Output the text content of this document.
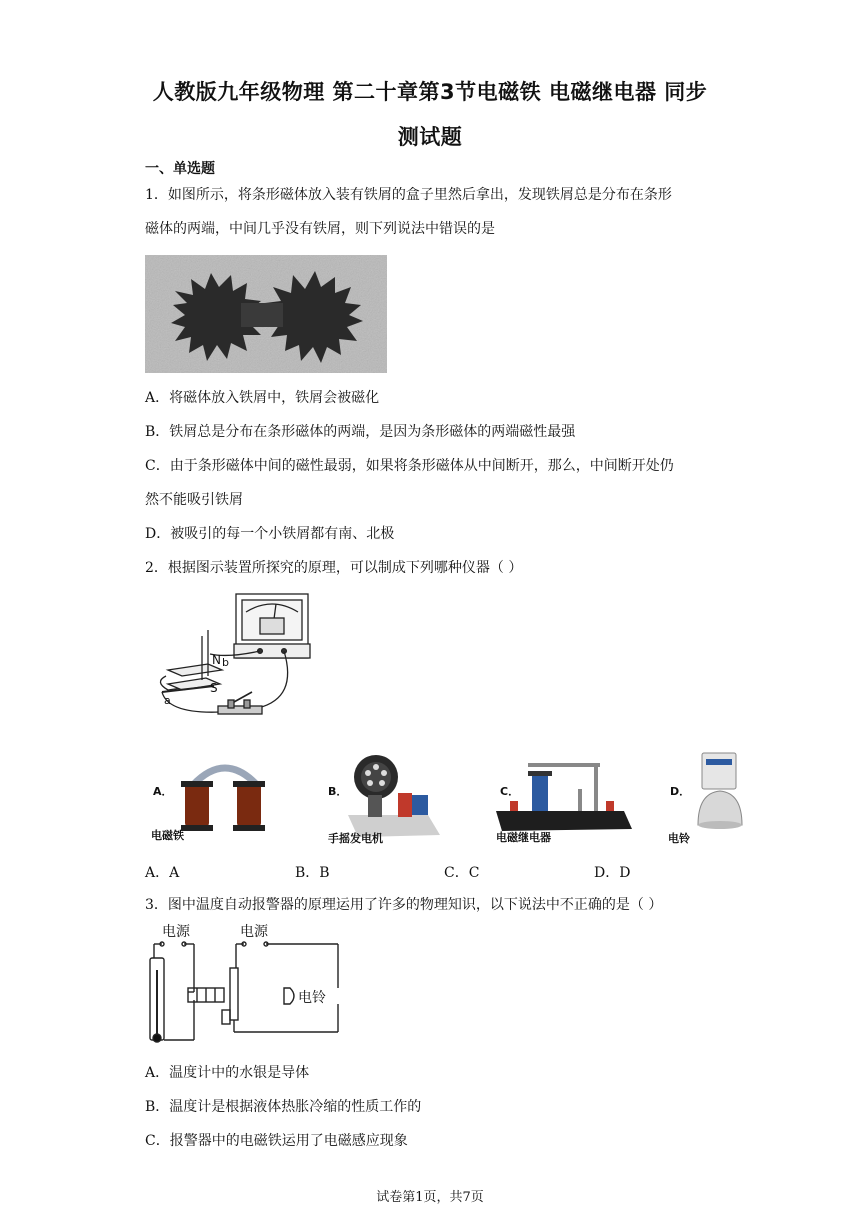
人教版九年级物理 第二十章第3节电磁铁 电磁继电器 同步
测试题
一、单选题
1．如图所示，将条形磁体放入装有铁屑的盒子里然后拿出，发现铁屑总是分布在条形
磁体的两端，中间几乎没有铁屑，则下列说法中错误的是
A．将磁体放入铁屑中，铁屑会被磁化
B．铁屑总是分布在条形磁体的两端，是因为条形磁体的两端磁性最强
C．由于条形磁体中间的磁性最弱，如果将条形磁体从中间断开，那么，中间断开处仍
然不能吸引铁屑
D．被吸引的每一个小铁屑都有南、北极
2．根据图示装置所探究的原理，可以制成下列哪种仪器（ ）
N b
S
a
A．
电磁铁
B．
手摇发电机
C．
电磁继电器
D．
电铃
A．A	B．B	C．C	D．D
3．图中温度自动报警器的原理运用了许多的物理知识，以下说法中不正确的是（ ）
电源	电源
电铃
A．温度计中的水银是导体
B．温度计是根据液体热胀冷缩的性质工作的
C．报警器中的电磁铁运用了电磁感应现象
试卷第1页，共7页
